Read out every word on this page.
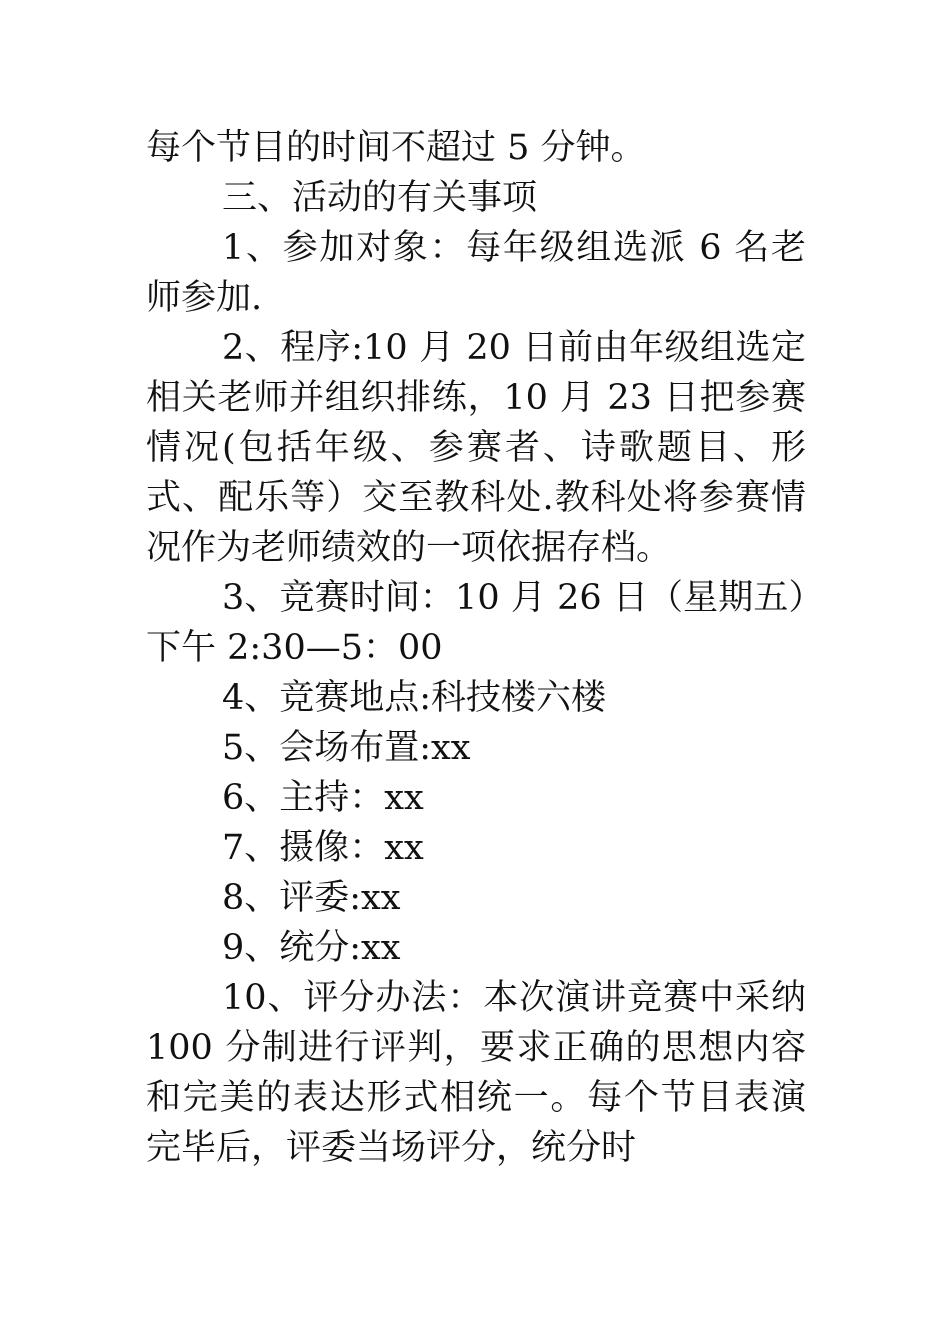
每个节目的时间不超过 5 分钟。

三、活动的有关事项

1、参加对象：每年级组选派 6 名老师参加.

2、程序:10 月 20 日前由年级组选定相关老师并组织排练，10 月 23 日把参赛情况(包括年级、参赛者、诗歌题目、形式、配乐等）交至教科处.教科处将参赛情况作为老师绩效的一项依据存档。

3、竞赛时间：10 月 26 日（星期五）下午 2:30—5：00

4、竞赛地点:科技楼六楼

5、会场布置:xx

6、主持：xx

7、摄像：xx

8、评委:xx

9、统分:xx

10、评分办法：本次演讲竞赛中采纳 100 分制进行评判，要求正确的思想内容和完美的表达形式相统一。每个节目表演完毕后，评委当场评分，统分时
